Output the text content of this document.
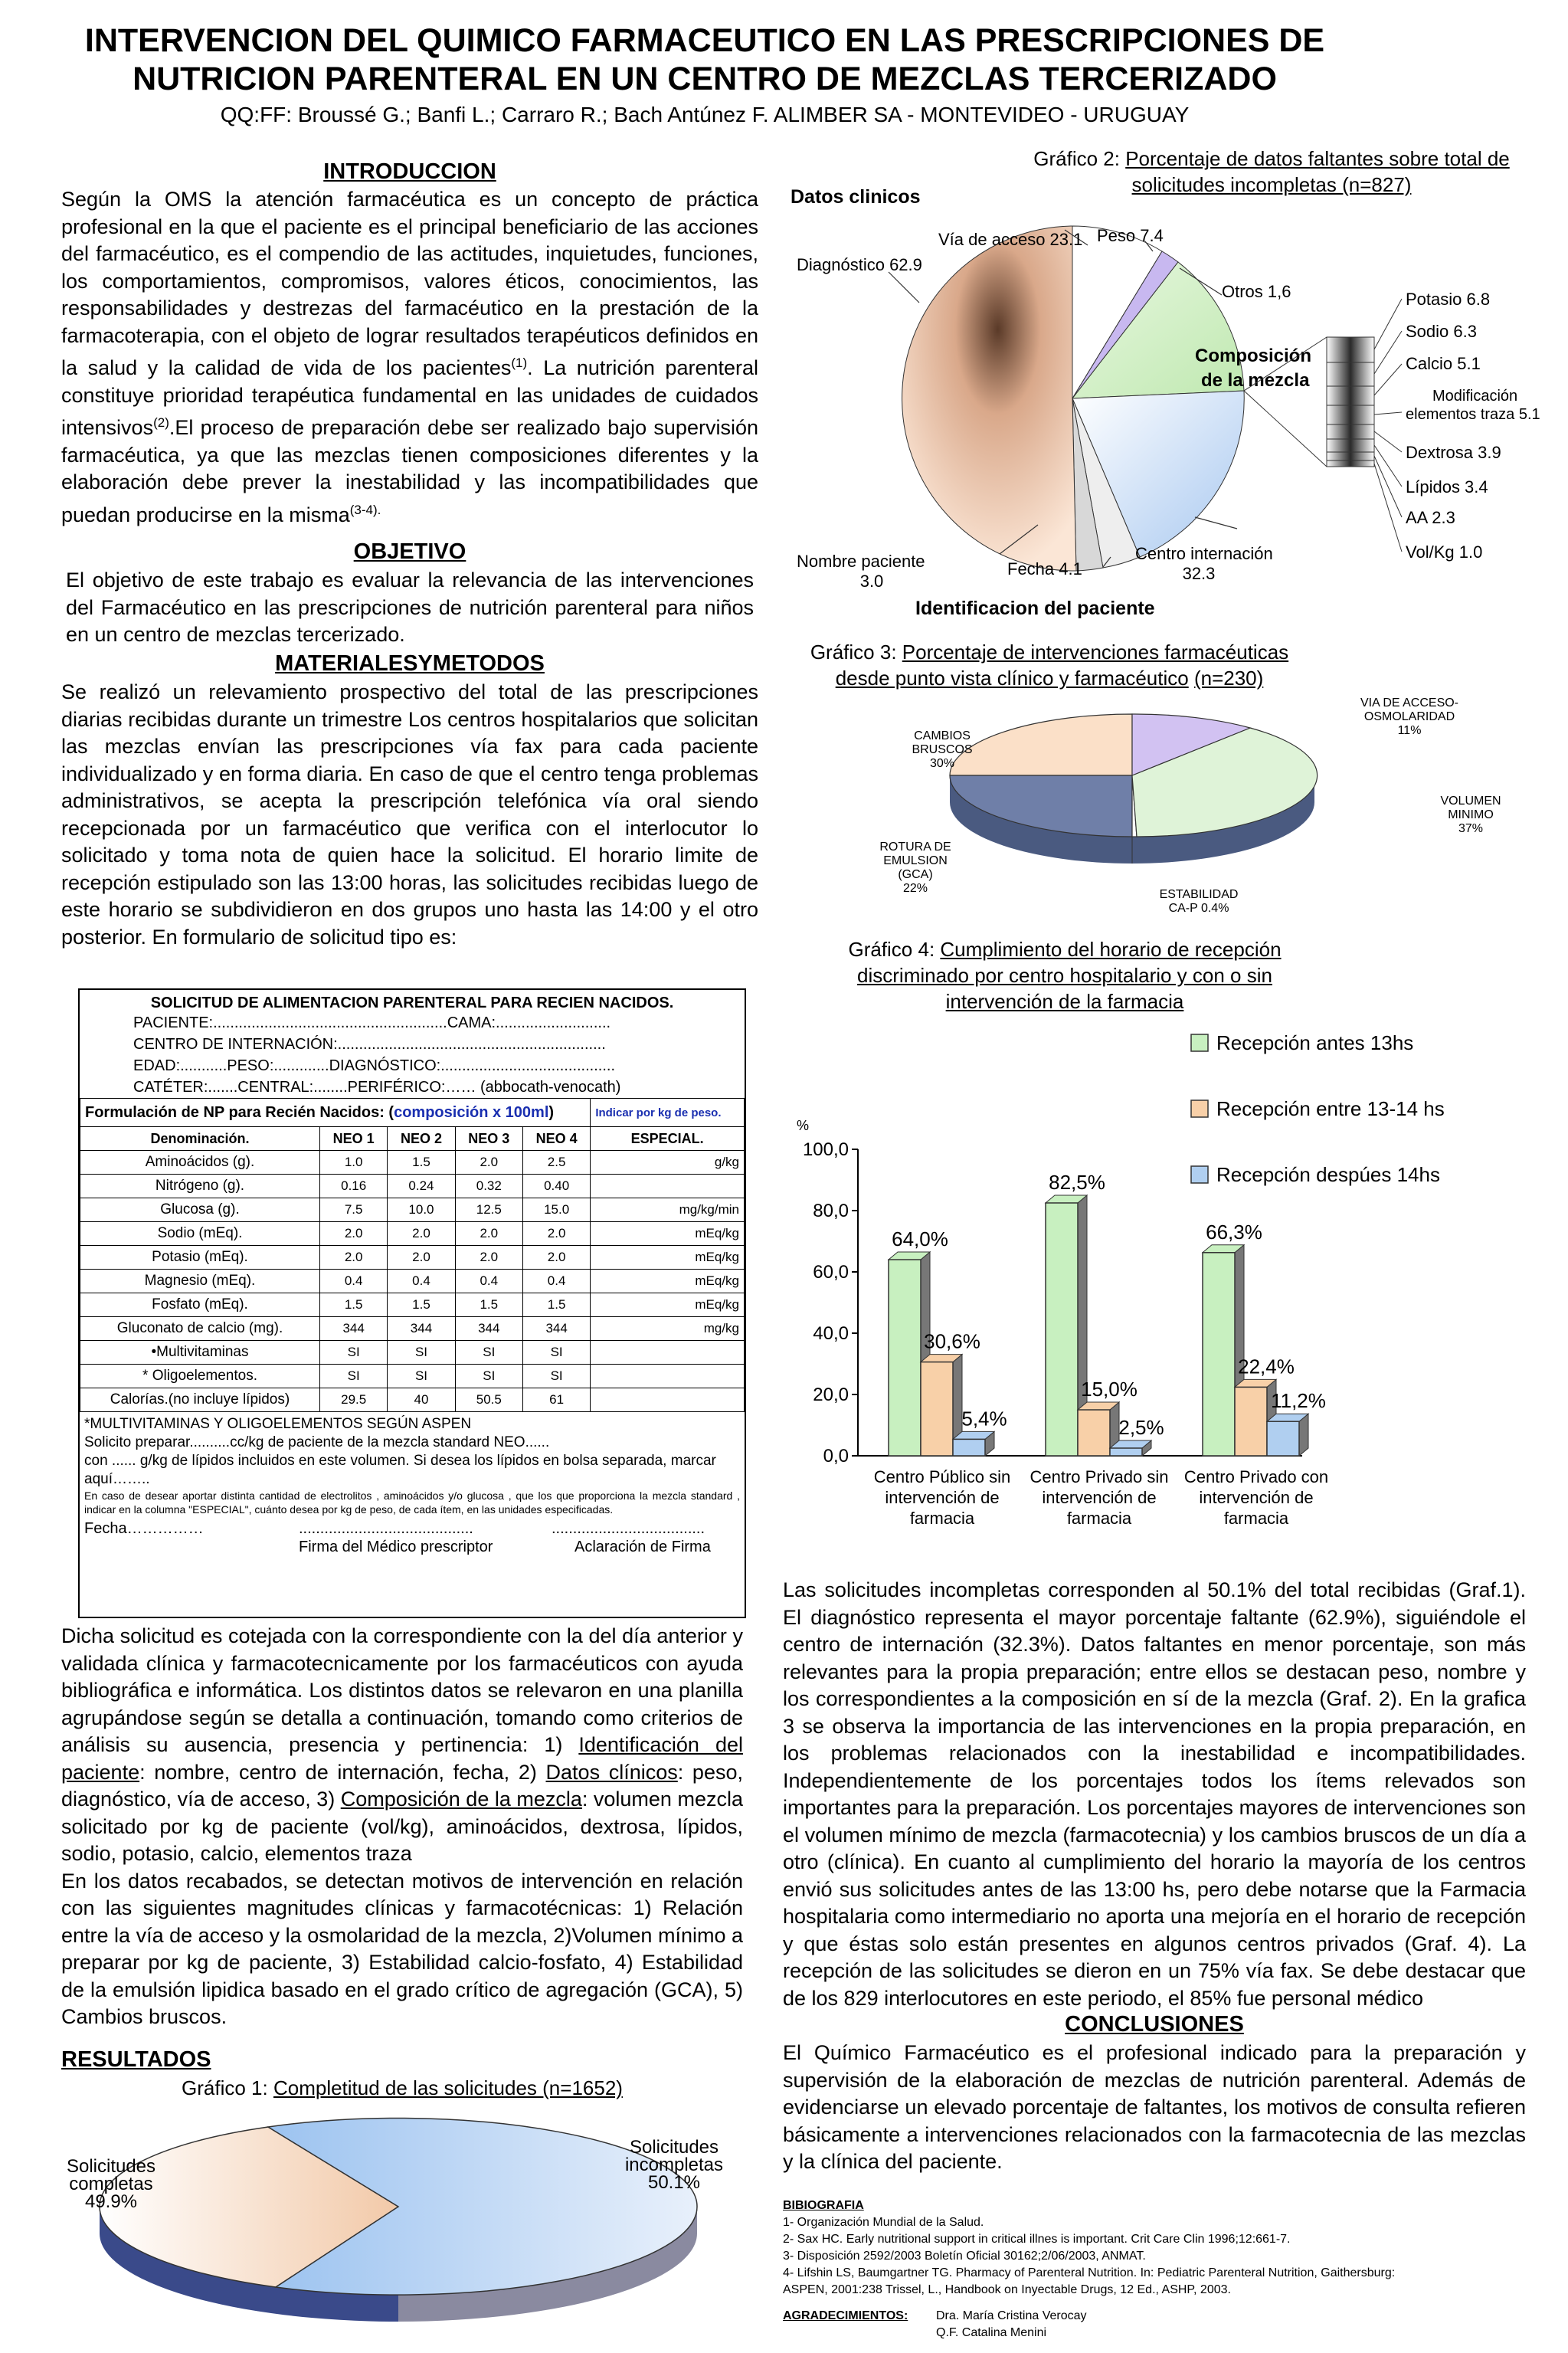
INTERVENCION DEL QUIMICO FARMACEUTICO EN LAS PRESCRIPCIONES DE
NUTRICION PARENTERAL EN UN CENTRO DE MEZCLAS TERCERIZADO
QQ:FF: Broussé G.; Banfi L.; Carraro R.; Bach Antúnez F. ALIMBER SA - MONTEVIDEO - URUGUAY
INTRODUCCION
Según la OMS la atención farmacéutica es un concepto de práctica profesional en la que el paciente es el principal beneficiario de las acciones del farmacéutico, es el compendio de las actitudes, inquietudes, funciones, los comportamientos, compromisos, valores éticos, conocimientos, las responsabilidades y destrezas del farmacéutico en la prestación de la farmacoterapia, con el objeto de lograr resultados terapéuticos definidos en la salud y la calidad de vida de los pacientes$^{(1)}$. La nutrición parenteral constituye prioridad terapéutica fundamental en las unidades de cuidados intensivos$^{(2)}$.El proceso de preparación debe ser realizado bajo supervisión farmacéutica, ya que las mezclas tienen composiciones diferentes y la elaboración debe prever la inestabilidad y las incompatibilidades que puedan producirse en la misma$^{(3-4).}$
OBJETIVO
El objetivo de este trabajo es evaluar la relevancia de las intervenciones del Farmacéutico en las prescripciones de nutrición parenteral para niños en un centro de mezclas tercerizado.
MATERIALESYMETODOS
Se realizó un relevamiento prospectivo del total de las prescripciones diarias recibidas durante un trimestre Los centros hospitalarios que solicitan las mezclas envían las prescripciones vía fax para cada paciente individualizado y en forma diaria. En caso de que el centro tenga problemas administrativos, se acepta la prescripción telefónica vía oral siendo recepcionada por un farmacéutico que verifica con el interlocutor lo solicitado y toma nota de quien hace la solicitud. El horario limite de recepción estipulado son las 13:00 horas, las solicitudes recibidas luego de este horario se subdividieron en dos grupos uno hasta las 14:00 y el otro posterior. En formulario de solicitud tipo es:
SOLICITUD DE ALIMENTACION PARENTERAL PARA RECIEN NACIDOS.
PACIENTE:.......................................................CAMA:...........................
CENTRO DE INTERNACIÓN:...............................................................
EDAD:...........PESO:.............DIAGNÓSTICO:.........................................
CATÉTER:.......CENTRAL:........PERIFÉRICO:…… (abbocath-venocath)
Formulación de NP para Recién Nacidos: (composición x 100ml)					Indicar por kg de peso.
Denominación.	NEO 1	NEO 2	NEO 3	NEO 4	ESPECIAL.
Aminoácidos (g).	1.0	1.5	2.0	2.5	g/kg
Nitrógeno (g).	0.16	0.24	0.32	0.40	
Glucosa (g).	7.5	10.0	12.5	15.0	mg/kg/min
Sodio (mEq).	2.0	2.0	2.0	2.0	mEq/kg
Potasio (mEq).	2.0	2.0	2.0	2.0	mEq/kg
Magnesio (mEq).	0.4	0.4	0.4	0.4	mEq/kg
Fosfato (mEq).	1.5	1.5	1.5	1.5	mEq/kg
Gluconato de calcio (mg).	344	344	344	344	mg/kg
•Multivitaminas	SI	SI	SI	SI	
* Oligoelementos.	SI	SI	SI	SI	
Calorías.(no incluye lípidos)	29.5	40	50.5	61	
*MULTIVITAMINAS Y OLIGOELEMENTOS SEGÚN ASPEN
Solicito preparar..........cc/kg de paciente de la mezcla standard NEO......
con ...... g/kg de lípidos incluidos en este volumen. Si desea los lípidos en bolsa separada, marcar aquí……..
En caso de desear aportar distinta cantidad de electrolitos , aminoácidos y/o glucosa , que los que proporciona la mezcla standard , indicar en la columna "ESPECIAL", cuánto desea por kg de peso, de cada ítem, en las unidades especificadas.
Fecha……………	.........................................	....................................
Firma del Médico prescriptor	Aclaración de Firma
Dicha solicitud es cotejada con la correspondiente con la del día anterior y validada clínica y farmacotecnicamente por los farmacéuticos con ayuda bibliográfica e informática. Los distintos datos se relevaron en una planilla agrupándose según se detalla a continuación, tomando como criterios de análisis su ausencia, presencia y pertinencia: 1) Identificación del paciente: nombre, centro de internación, fecha, 2) Datos clínicos: peso, diagnóstico, vía de acceso, 3) Composición de la mezcla: volumen mezcla solicitado por kg de paciente (vol/kg), aminoácidos, dextrosa, lípidos, sodio, potasio, calcio, elementos traza
En los datos recabados, se detectan motivos de intervención en relación con las siguientes magnitudes clínicas y farmacotécnicas: 1) Relación entre la vía de acceso y la osmolaridad de la mezcla, 2)Volumen mínimo a preparar por kg de paciente, 3) Estabilidad calcio-fosfato, 4) Estabilidad de la emulsión lipidica basado en el grado crítico de agregación (GCA), 5) Cambios bruscos.
RESULTADOS
Gráfico 1: Completitud de las solicitudes (n=1652)
Solicitudes
completas
49.9%
Solicitudes
incompletas
50.1%
Gráfico 2: Porcentaje de datos faltantes sobre total de
solicitudes incompletas (n=827)
Datos clinicos
Diagnóstico 62.9
Vía de acceso 23.1 Peso 7.4
Otros 1,6
Composición
de la mezcla
Nombre paciente
3.0
Fecha 4.1
Centro internación
32.3
Identificacion del paciente
Potasio 6.8
Sodio 6.3
Calcio 5.1
Modificación
elementos traza 5.1
Dextrosa 3.9
Lípidos 3.4
AA 2.3
Vol/Kg 1.0
Gráfico 3: Porcentaje de intervenciones farmacéuticas
desde punto vista clínico y farmacéutico (n=230)
VIA DE ACCESO-
OSMOLARIDAD
11%
VOLUMEN
MINIMO
37%
ESTABILIDAD
CA-P 0.4%
ROTURA DE
EMULSION
(GCA)
22%
CAMBIOS
BRUSCOS
30%
Gráfico 4: Cumplimiento del horario de recepción
discriminado por centro hospitalario y con o sin
intervención de la farmacia
%
0,0
20,0
40,0
60,0
80,0
100,0
Centro Público sin
intervención de
farmacia
Centro Privado sin
intervención de
farmacia
Centro Privado con
intervención de
farmacia
64,0%
30,6%
5,4%
82,5%
15,0%
2,5%
66,3%
22,4%
11,2%
Recepción antes 13hs
Recepción entre 13-14 hs
Recepción despúes 14hs
Las solicitudes incompletas corresponden al 50.1% del total recibidas (Graf.1). El diagnóstico representa el mayor porcentaje faltante (62.9%), siguiéndole el centro de internación (32.3%). Datos faltantes en menor porcentaje, son más relevantes para la propia preparación; entre ellos se destacan peso, nombre y los correspondientes a la composición en sí de la mezcla (Graf. 2). En la grafica 3 se observa la importancia de las intervenciones en la propia preparación, en los problemas relacionados con la inestabilidad e incompatibilidades. Independientemente de los porcentajes todos los ítems relevados son importantes para la preparación. Los porcentajes mayores de intervenciones son el volumen mínimo de mezcla (farmacotecnia) y los cambios bruscos de un día a otro (clínica). En cuanto al cumplimiento del horario la mayoría de los centros envió sus solicitudes antes de las 13:00 hs, pero debe notarse que la Farmacia hospitalaria como intermediario no aporta una mejoría en el horario de recepción y que éstas solo están presentes en algunos centros privados (Graf. 4). La recepción de las solicitudes se dieron en un 75% vía fax. Se debe destacar que de los 829 interlocutores en este periodo, el 85% fue personal médico
CONCLUSIONES
El Químico Farmacéutico es el profesional indicado para la preparación y supervisión de la elaboración de mezclas de nutrición parenteral. Además de evidenciarse un elevado porcentaje de faltantes, los motivos de consulta refieren básicamente a intervenciones relacionados con la farmacotecnia de las mezclas y la clínica del paciente.
BIBIOGRAFIA
1- Organización Mundial de la Salud.
2- Sax HC. Early nutritional support in critical illnes is important. Crit Care Clin 1996;12:661-7.
3- Disposición 2592/2003 Boletín Oficial 30162;2/06/2003, ANMAT.
4- Lifshin LS, Baumgartner TG. Pharmacy of Parenteral Nutrition. In: Pediatric Parenteral Nutrition, Gaithersburg:
ASPEN, 2001:238 Trissel, L., Handbook on Inyectable Drugs, 12 Ed., ASHP, 2003.
AGRADECIMIENTOS:	Dra. María Cristina Verocay
Q.F. Catalina Menini
